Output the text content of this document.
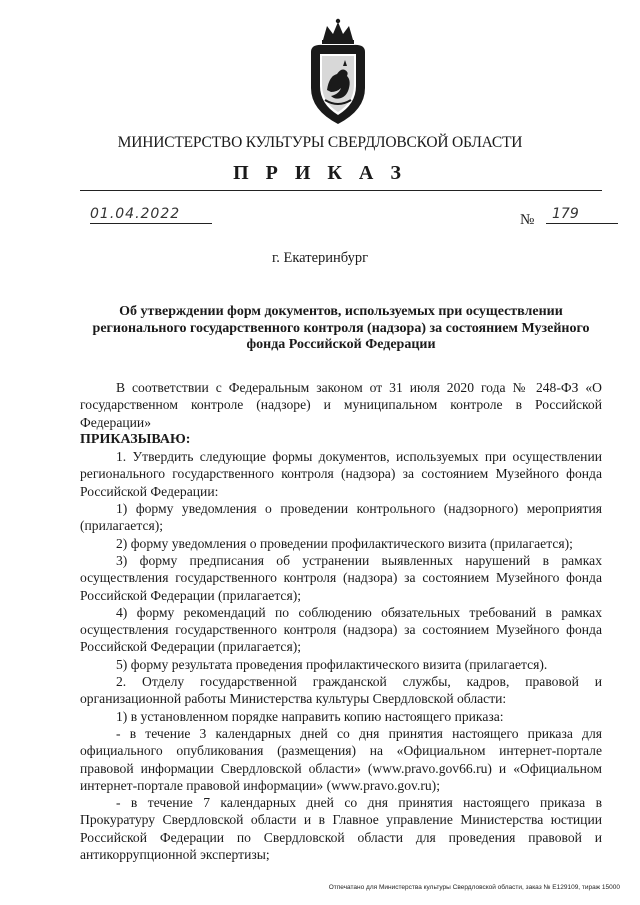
МИНИСТЕРСТВО КУЛЬТУРЫ СВЕРДЛОВСКОЙ ОБЛАСТИ
П Р И К А З
01.04.2022	№	179
г. Екатеринбург
Об утверждении форм документов, используемых при осуществлении регионального государственного контроля (надзора) за состоянием Музейного фонда Российской Федерации

В соответствии с Федеральным законом от 31 июля 2020 года № 248-ФЗ «О государственном контроле (надзоре) и муниципальном контроле в Российской Федерации»

ПРИКАЗЫВАЮ:

1. Утвердить следующие формы документов, используемых при осуществлении регионального государственного контроля (надзора) за состоянием Музейного фонда Российской Федерации:

1) форму уведомления о проведении контрольного (надзорного) мероприятия (прилагается);

2) форму уведомления о проведении профилактического визита (прилагается);

3) форму предписания об устранении выявленных нарушений в рамках осуществления государственного контроля (надзора) за состоянием Музейного фонда Российской Федерации (прилагается);

4) форму рекомендаций по соблюдению обязательных требований в рамках осуществления государственного контроля (надзора) за состоянием Музейного фонда Российской Федерации (прилагается);

5) форму результата проведения профилактического визита (прилагается).

2. Отделу государственной гражданской службы, кадров, правовой и организационной работы Министерства культуры Свердловской области:

1) в установленном порядке направить копию настоящего приказа:

- в течение 3 календарных дней со дня принятия настоящего приказа для официального опубликования (размещения) на «Официальном интернет-портале правовой информации Свердловской области» (www.pravo.gov66.ru) и «Официальном интернет-портале правовой информации» (www.pravo.gov.ru);

- в течение 7 календарных дней со дня принятия настоящего приказа в Прокуратуру Свердловской области и в Главное управление Министерства юстиции Российской Федерации по Свердловской области для проведения правовой и антикоррупционной экспертизы;

Отпечатано для Министерства культуры Свердловской области, заказ № Е129109, тираж 15000
